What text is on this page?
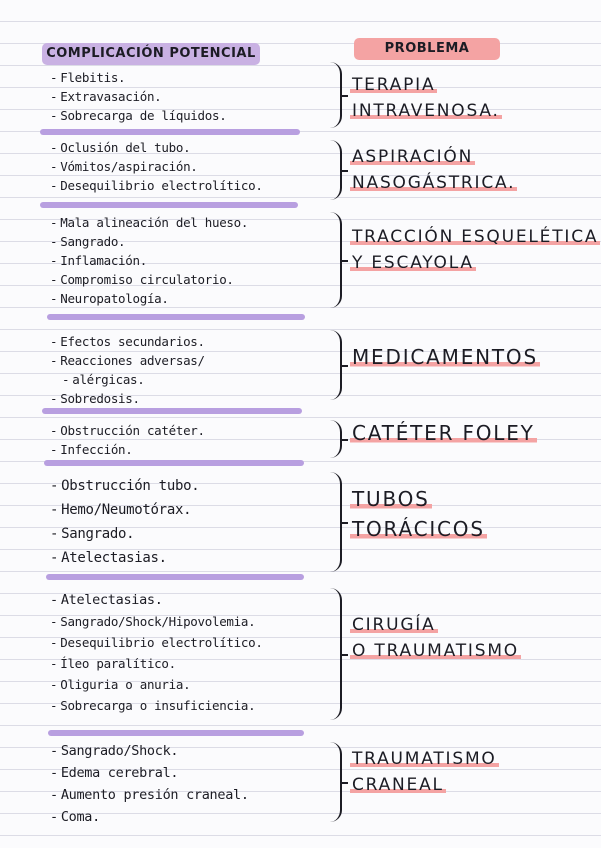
COMPLICACIÓN POTENCIAL	PROBLEMA
- Flebitis.
- Extravasación.
- Sobrecarga de líquidos.
TERAPIA
INTRAVENOSA.
- Oclusión del tubo.
- Vómitos/aspiración.
- Desequilibrio electrolítico.
ASPIRACIÓN
NASOGÁSTRICA.
- Mala alineación del hueso.
- Sangrado.
- Inflamación.
- Compromiso circulatorio.
- Neuropatología.
TRACCIÓN ESQUELÉTICA
Y ESCAYOLA
- Efectos secundarios.
- Reacciones adversas/
- alérgicas.
- Sobredosis.
MEDICAMENTOS
- Obstrucción catéter.
- Infección.
CATÉTER FOLEY
- Obstrucción tubo.
- Hemo/Neumotórax.
- Sangrado.
- Atelectasias.
TUBOS
TORÁCICOS
- Atelectasias.
- Sangrado/Shock/Hipovolemia.
- Desequilibrio electrolítico.
- Íleo paralítico.
- Oliguria o anuria.
- Sobrecarga o insuficiencia.
CIRUGÍA
O TRAUMATISMO
- Sangrado/Shock.
- Edema cerebral.
- Aumento presión craneal.
- Coma.
TRAUMATISMO
CRANEAL
